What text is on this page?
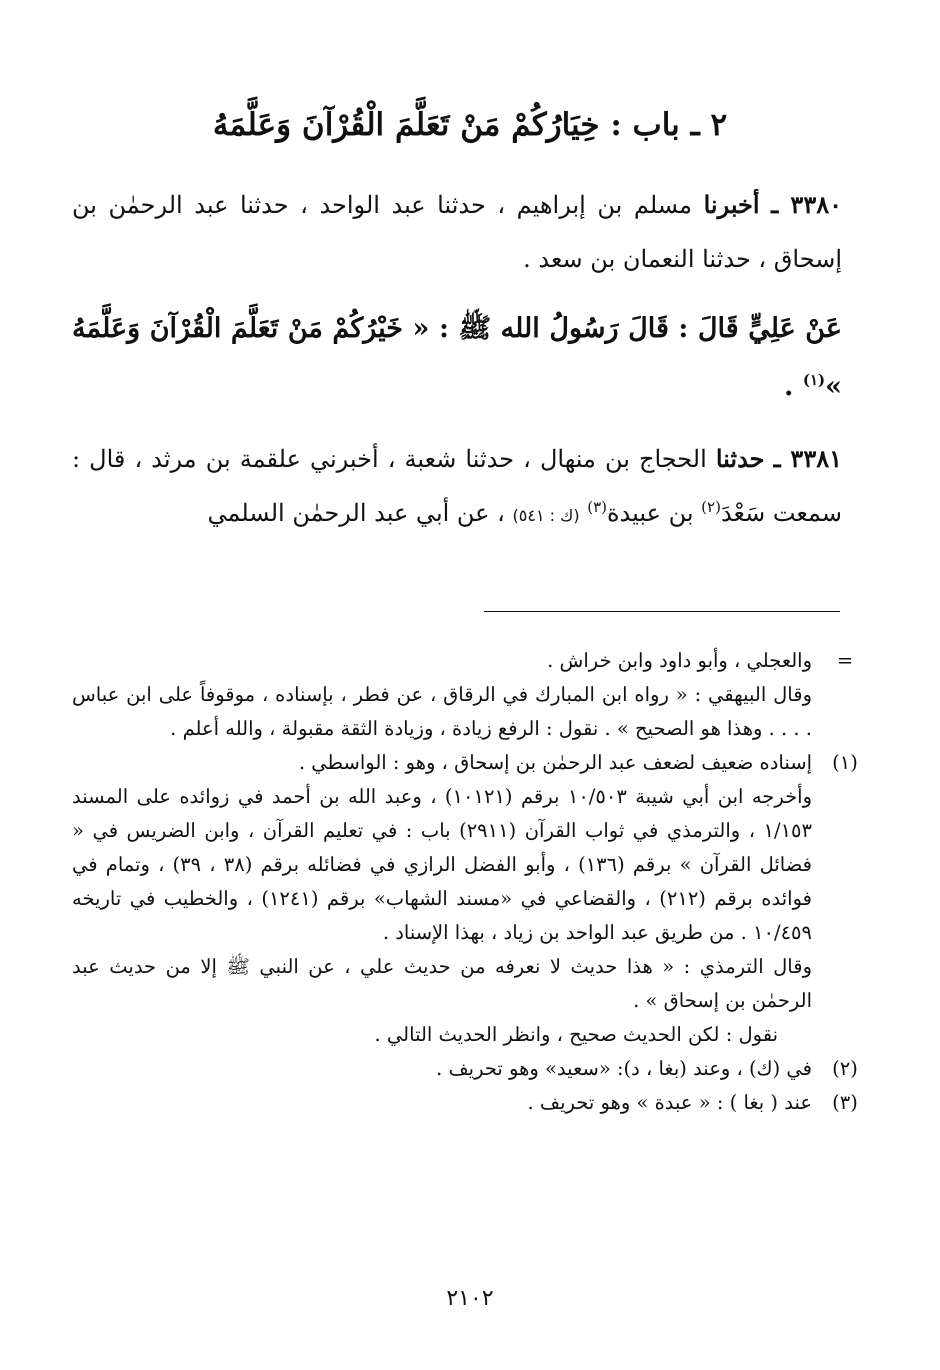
٢ ـ باب : خِيَارُكُمْ مَنْ تَعَلَّمَ الْقُرْآنَ وَعَلَّمَهُ

٣٣٨٠ ـ أخبرنا مسلم بن إبراهيم ، حدثنا عبد الواحد ، حدثنا عبد الرحمٰن بن إسحاق ، حدثنا النعمان بن سعد .

عَنْ عَلِيٍّ قَالَ : قَالَ رَسُولُ الله ﷺ : « خَيْرُكُمْ مَنْ تَعَلَّمَ الْقُرْآنَ وَعَلَّمَهُ »$^{(١)}$ .

٣٣٨١ ـ حدثنا الحجاج بن منهال ، حدثنا شعبة ، أخبرني علقمة بن مرثد ، قال : سمعت سَعْدَ$^{(٢)}$ بن عبيدة$^{(٣)}$ (ك : ٥٤١) ، عن أبي عبد الرحمٰن السلمي

=

والعجلي ، وأبو داود وابن خراش .

وقال البيهقي : « رواه ابن المبارك في الرقاق ، عن فطر ، بإسناده ، موقوفاً على ابن عباس . . . . وهذا هو الصحيح » . نقول : الرفع زيادة ، وزيادة الثقة مقبولة ، والله أعلم .

(١)

إسناده ضعيف لضعف عبد الرحمٰن بن إسحاق ، وهو : الواسطي .

وأخرجه ابن أبي شيبة ١٠/٥٠٣ برقم (١٠١٢١) ، وعبد الله بن أحمد في زوائده على المسند ١/١٥٣ ، والترمذي في ثواب القرآن (٢٩١١) باب : في تعليم القرآن ، وابن الضريس في « فضائل القرآن » برقم (١٣٦) ، وأبو الفضل الرازي في فضائله برقم (٣٨ ، ٣٩) ، وتمام في فوائده برقم (٢١٢) ، والقضاعي في «مسند الشهاب» برقم (١٢٤١) ، والخطيب في تاريخه ١٠/٤٥٩ . من طريق عبد الواحد بن زياد ، بهذا الإسناد .

وقال الترمذي : « هذا حديث لا نعرفه من حديث علي ، عن النبي ﷺ إلا من حديث عبد الرحمٰن بن إسحاق » .

نقول : لكن الحديث صحيح ، وانظر الحديث التالي .

(٢)

في (ك) ، وعند (بغا ، د): «سعيد» وهو تحريف .

(٣)

عند ( بغا ) : « عبدة » وهو تحريف .

٢١٠٢
